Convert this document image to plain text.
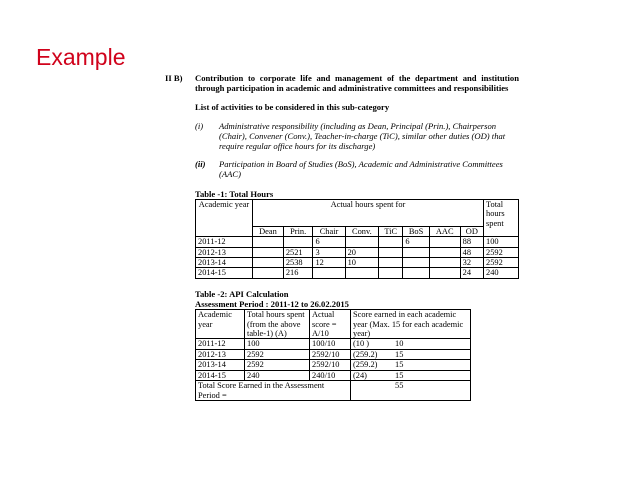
Example
II B)	Contribution to corporate life and management of the department and institution through participation in academic and administrative committees and responsibilities
List of activities to be considered in this sub-category
(i)	Administrative responsibility (including as Dean, Principal (Prin.), Chairperson (Chair), Convener (Conv.), Teacher-in-charge (TiC), similar other duties (OD) that require regular office hours for its discharge)
(ii)	Participation in Board of Studies (BoS), Academic and Administrative Committees (AAC)
Table -1: Total Hours
Academic year	Actual hours spent for								Total hours spent
	Dean	Prin.	Chair	Conv.	TiC	BoS	AAC	OD	
2011-12			6			6		88	100
2012-13		2521	3	20				48	2592
2013-14		2538	12	10				32	2592
2014-15		216						24	240
Table -2: API Calculation
Assessment Period : 2011-12 to 26.02.2015
Academic year	Total hours spent (from the above table-1) (A)	Actual score = A/10	Score earned in each academic year (Max. 15 for each academic year)	
2011-12	100	100/10	(10 )	10
2012-13	2592	2592/10	(259.2)	15
2013-14	2592	2592/10	(259.2)	15
2014-15	240	240/10	(24)	15
Total Score Earned in the Assessment Period =				55
